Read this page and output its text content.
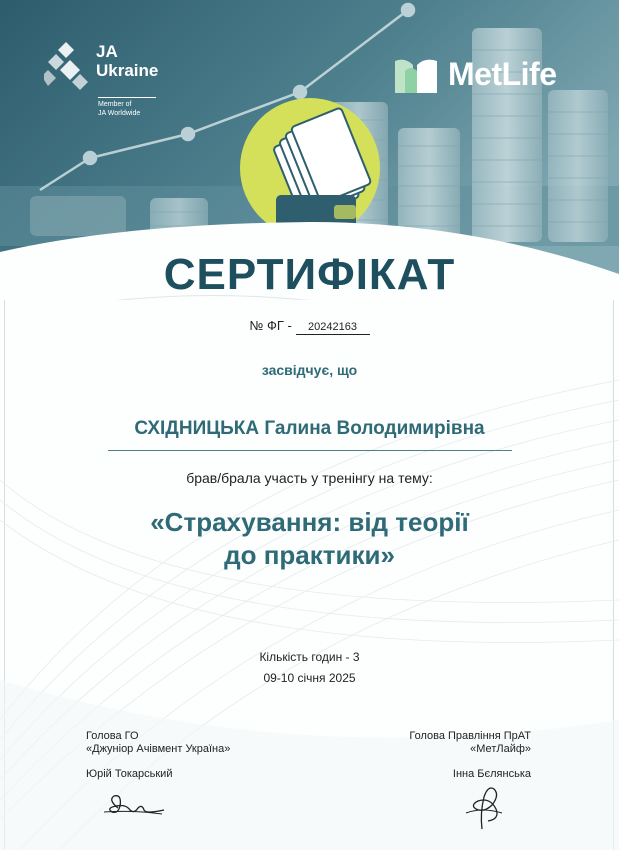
JA
Ukraine
Member of
JA Worldwide
MetLife
СЕРТИФІКАТ
№ ФГ - 20242163
засвідчує, що
СХІДНИЦЬКА Галина Володимирівна
брав/брала участь у тренінгу на тему:
«Страхування: від теорії
до практики»
Кількість годин - 3
09-10 січня 2025
Голова ГО
«Джуніор Ачівмент Україна»
Голова Правління ПрАТ
«МетЛайф»
Юрій Токарський	Інна Бєлянська
